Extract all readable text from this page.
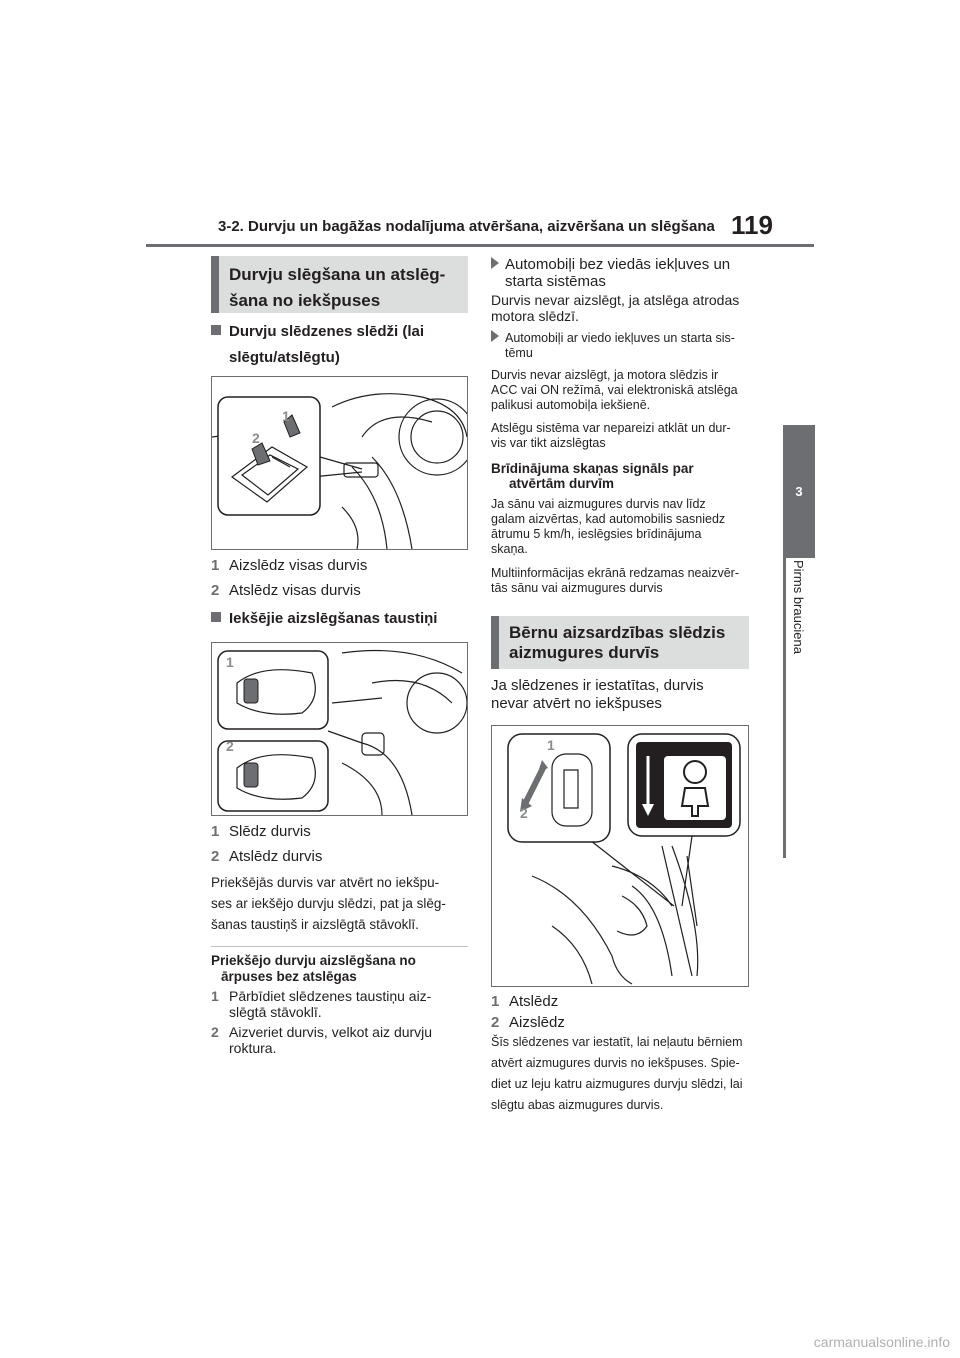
3-2. Durvju un bagāžas nodalījuma atvēršana, aizvēršana un slēgšana 119
3
Pirms brauciena
Durvju slēgšana un atslēg-
šana no iekšpuses
Durvju slēdzenes slēdži (lai
slēgtu/atslēgtu)
1
2
1 Aizslēdz visas durvis
2 Atslēdz visas durvis
Iekšējie aizslēgšanas taustiņi
1
2
1 Slēdz durvis
2 Atslēdz durvis
Priekšējās durvis var atvērt no iekšpu-
ses ar iekšējo durvju slēdzi, pat ja slēg-
šanas taustiņš ir aizslēgtā stāvoklī.
Priekšējo durvju aizslēgšana no
ārpuses bez atslēgas
1 Pārbīdiet slēdzenes taustiņu aiz-
slēgtā stāvoklī.
2 Aizveriet durvis, velkot aiz durvju
roktura.
Automobiļi bez viedās iekļuves un
starta sistēmas
Durvis nevar aizslēgt, ja atslēga atrodas
motora slēdzī.
Automobiļi ar viedo iekļuves un starta sis-
tēmu
Durvis nevar aizslēgt, ja motora slēdzis ir
ACC vai ON režīmā, vai elektroniskā atslēga
palikusi automobiļa iekšienē.
Atslēgu sistēma var nepareizi atklāt un dur-
vis var tikt aizslēgtas
Brīdinājuma skaņas signāls par
atvērtām durvīm
Ja sānu vai aizmugures durvis nav līdz
galam aizvērtas, kad automobilis sasniedz
ātrumu 5 km/h, ieslēgsies brīdinājuma
skaņa.
Multiinformācijas ekrānā redzamas neaizvēr-
tās sānu vai aizmugures durvis
Bērnu aizsardzības slēdzis
aizmugures durvīs
Ja slēdzenes ir iestatītas, durvis
nevar atvērt no iekšpuses
1
2
1 Atslēdz
2 Aizslēdz
Šīs slēdzenes var iestatīt, lai neļautu bērniem
atvērt aizmugures durvis no iekšpuses. Spie-
diet uz leju katru aizmugures durvju slēdzi, lai
slēgtu abas aizmugures durvis.
carmanualsonline.info
